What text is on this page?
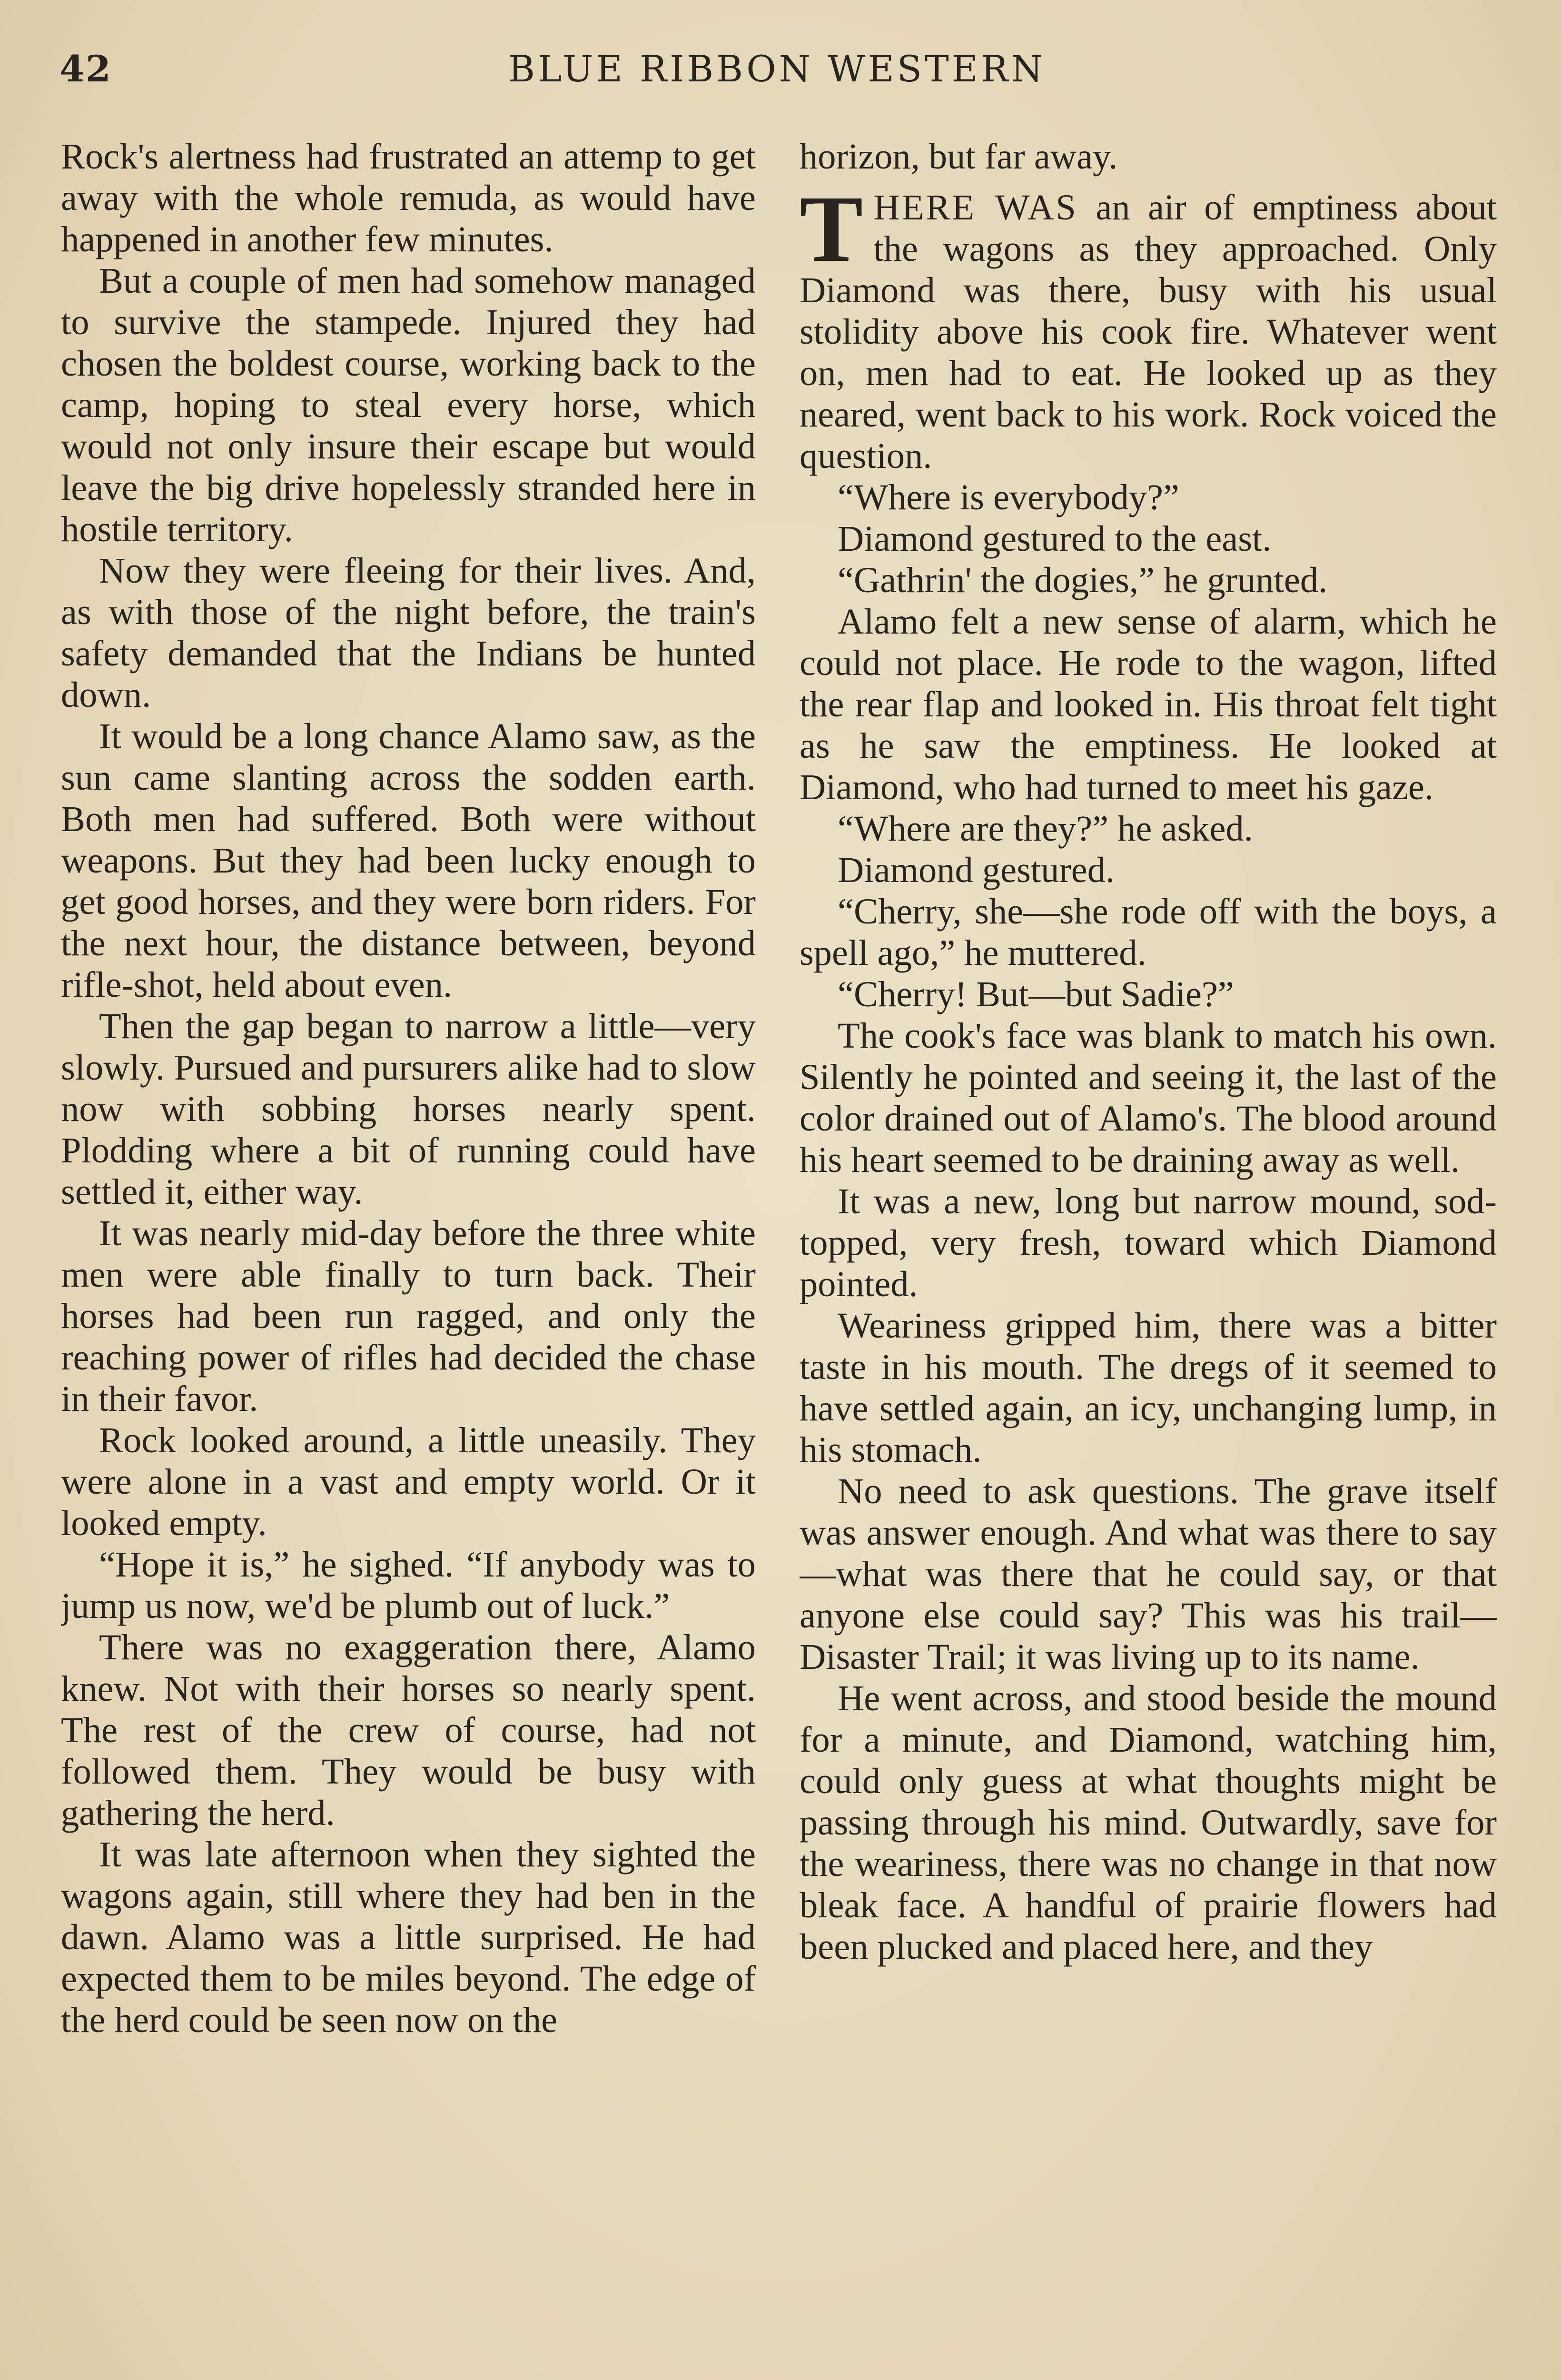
42	BLUE RIBBON WESTERN

Rock's alertness had frustrated an attemp to get away with the whole remuda, as would have happened in another few minutes.

But a couple of men had somehow managed to survive the stampede. Injured they had chosen the boldest course, working back to the camp, hoping to steal every horse, which would not only insure their escape but would leave the big drive hopelessly stranded here in hostile territory.

Now they were fleeing for their lives. And, as with those of the night before, the train's safety demanded that the Indians be hunted down.

It would be a long chance Alamo saw, as the sun came slanting across the sodden earth. Both men had suffered. Both were without weapons. But they had been lucky enough to get good horses, and they were born riders. For the next hour, the distance between, beyond rifle-shot, held about even.

Then the gap began to narrow a little—very slowly. Pursued and pursurers alike had to slow now with sobbing horses nearly spent. Plodding where a bit of running could have settled it, either way.

It was nearly mid-day before the three white men were able finally to turn back. Their horses had been run ragged, and only the reaching power of rifles had decided the chase in their favor.

Rock looked around, a little uneasily. They were alone in a vast and empty world. Or it looked empty.

“Hope it is,” he sighed. “If anybody was to jump us now, we'd be plumb out of luck.”

There was no exaggeration there, Alamo knew. Not with their horses so nearly spent. The rest of the crew of course, had not followed them. They would be busy with gathering the herd.

It was late afternoon when they sighted the wagons again, still where they had ben in the dawn. Alamo was a little surprised. He had expected them to be miles beyond. The edge of the herd could be seen now on the

horizon, but far away.

THERE WAS an air of emptiness about the wagons as they approached. Only Diamond was there, busy with his usual stolidity above his cook fire. Whatever went on, men had to eat. He looked up as they neared, went back to his work. Rock voiced the question.

“Where is everybody?”

Diamond gestured to the east.

“Gathrin' the dogies,” he grunted.

Alamo felt a new sense of alarm, which he could not place. He rode to the wagon, lifted the rear flap and looked in. His throat felt tight as he saw the emptiness. He looked at Diamond, who had turned to meet his gaze.

“Where are they?” he asked.

Diamond gestured.

“Cherry, she—she rode off with the boys, a spell ago,” he muttered.

“Cherry! But—but Sadie?”

The cook's face was blank to match his own. Silently he pointed and seeing it, the last of the color drained out of Alamo's. The blood around his heart seemed to be draining away as well.

It was a new, long but narrow mound, sod-topped, very fresh, toward which Diamond pointed.

Weariness gripped him, there was a bitter taste in his mouth. The dregs of it seemed to have settled again, an icy, unchanging lump, in his stomach.

No need to ask questions. The grave itself was answer enough. And what was there to say—what was there that he could say, or that anyone else could say? This was his trail—Disaster Trail; it was living up to its name.

He went across, and stood beside the mound for a minute, and Diamond, watching him, could only guess at what thoughts might be passing through his mind. Outwardly, save for the weariness, there was no change in that now bleak face. A handful of prairie flowers had been plucked and placed here, and they
